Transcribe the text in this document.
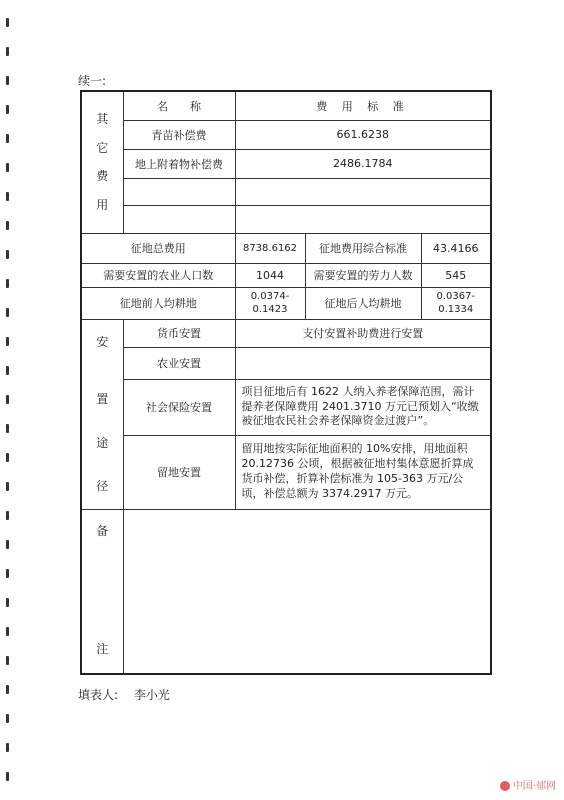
续一:
其

它

费

用	名　　称	费 用 标 准		
	青苗补偿费	661.6238		
	地上附着物补偿费	2486.1784		

征地总费用		8738.6162	征地费用综合标准	43.4166
需要安置的农业人口数		1044	需要安置的劳力人数	545
征地前人均耕地		0.0374-0.1423	征地后人均耕地	0.0367-0.1334

安

置

途

径	货币安置	支付安置补助费进行安置		
	农业安置			
	社会保险安置	项目征地后有 1622 人纳入养老保障范围，需计提养老保障费用 2401.3710 万元已预划入“收缴被征地农民社会养老保障资金过渡户”。		
	留地安置	留用地按实际征地面积的 10%安排，用地面积 20.12736 公顷，根据被征地村集体意愿折算成货币补偿，折算补偿标准为 105-363 万元/公顷，补偿总额为 3374.2917 万元。		

备
注				

填表人: 李小光
中国·郁网
